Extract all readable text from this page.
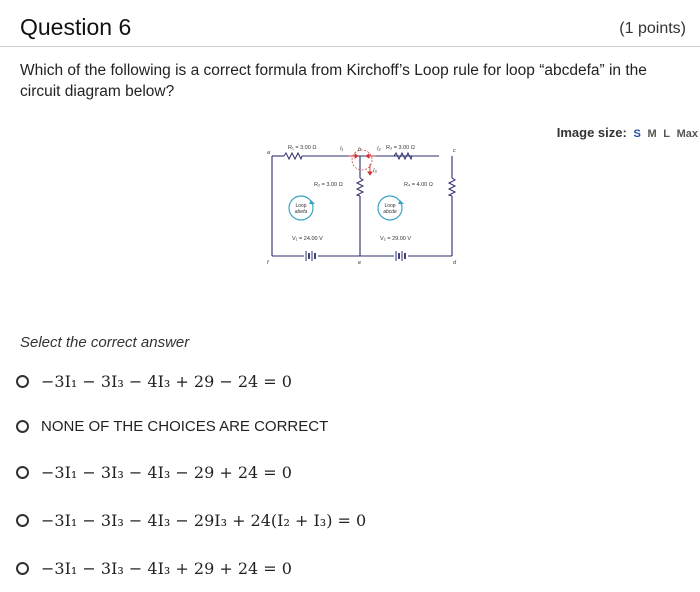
Question 6	(1 points)
Which of the following is a correct formula from Kirchoff’s Loop rule for loop “abcdefa” in the circuit diagram below?
Image size: S M L Max
Loop
abefa
Loop
abcde
R₁ = 3.00 Ω	R₃ = 3.00 Ω
R₂ = 3.00 Ω	R₄ = 4.00 Ω
V₁ = 24.00 V	V₂ = 29.00 V
I₁	I₂
I₃
a	b	c
d
e
f
Select the correct answer
−3I₁ − 3I₃ − 4I₃ + 29 − 24 = 0
NONE OF THE CHOICES ARE CORRECT
−3I₁ − 3I₃ − 4I₃ − 29 + 24 = 0
−3I₁ − 3I₃ − 4I₃ − 29I₃ + 24(I₂ + I₃) = 0
−3I₁ − 3I₃ − 4I₃ + 29 + 24 = 0
